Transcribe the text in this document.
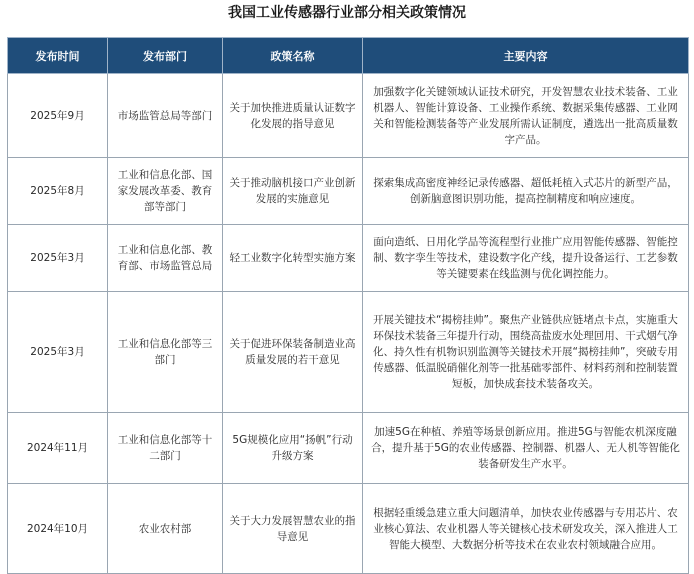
我国工业传感器行业部分相关政策情况
发布时间	发布部门	政策名称	主要内容
2025年9月	市场监管总局等部门	关于加快推进质量认证数字化发展的指导意见	加强数字化关键领域认证技术研究，开发智慧农业技术装备、工业机器人、智能计算设备、工业操作系统、数据采集传感器、工业网关和智能检测装备等产业发展所需认证制度，遴选出一批高质量数字产品。
2025年8月	工业和信息化部、国家发展改革委、教育部等部门	关于推动脑机接口产业创新发展的实施意见	探索集成高密度神经记录传感器、超低耗植入式芯片的新型产品，创新脑意图识别功能，提高控制精度和响应速度。
2025年3月	工业和信息化部、教育部、市场监管总局	轻工业数字化转型实施方案	面向造纸、日用化学品等流程型行业推广应用智能传感器、智能控制、数字孪生等技术，建设数字化产线，提升设备运行、工艺参数等关键要素在线监测与优化调控能力。
2025年3月	工业和信息化部等三部门	关于促进环保装备制造业高质量发展的若干意见	开展关键技术“揭榜挂帅”。聚焦产业链供应链堵点卡点，实施重大环保技术装备三年提升行动，围绕高盐废水处理回用、干式烟气净化、持久性有机物识别监测等关键技术开展“揭榜挂帅”，突破专用传感器、低温脱硝催化剂等一批基础零部件、材料药剂和控制装置短板，加快成套技术装备攻关。
2024年11月	工业和信息化部等十二部门	5G规模化应用“扬帆”行动升级方案	加速5G在种植、养殖等场景创新应用。推进5G与智能农机深度融合，提升基于5G的农业传感器、控制器、机器人、无人机等智能化装备研发生产水平。
2024年10月	农业农村部	关于大力发展智慧农业的指导意见	根据轻重缓急建立重大问题清单，加快农业传感器与专用芯片、农业核心算法、农业机器人等关键核心技术研发攻关，深入推进人工智能大模型、大数据分析等技术在农业农村领域融合应用。
